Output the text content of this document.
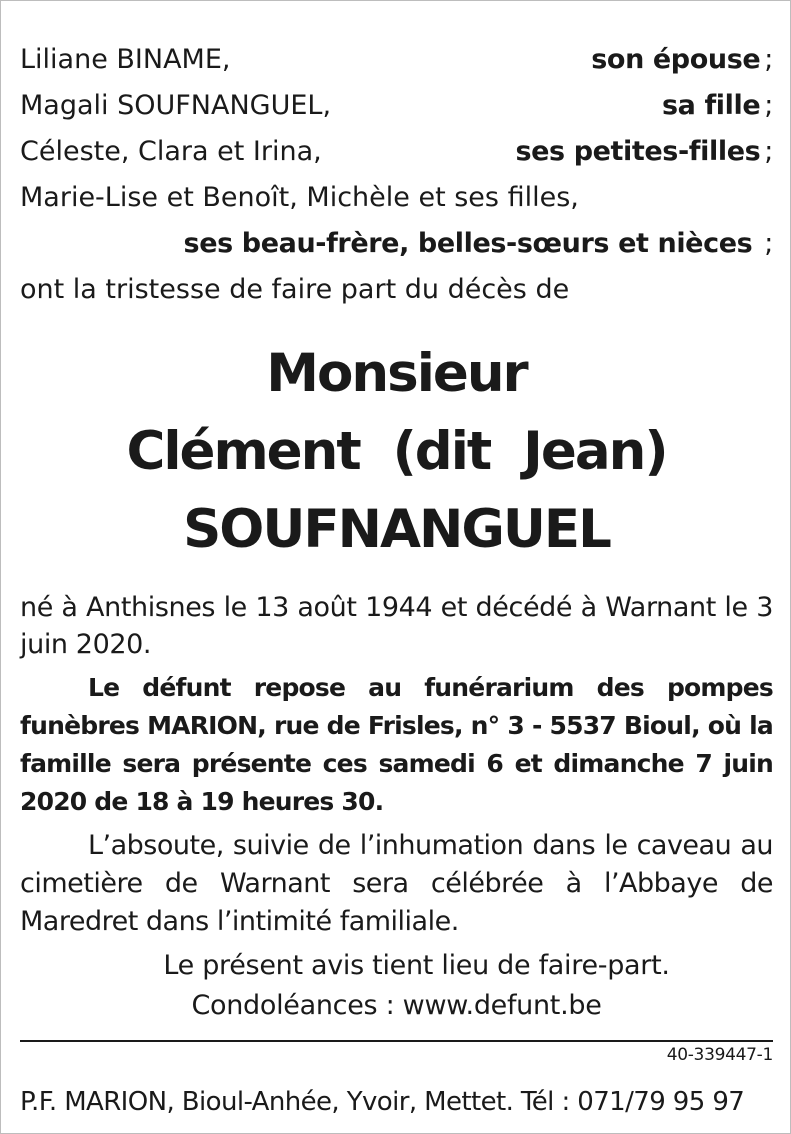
Liliane BINAME,	son épouse ;
Magali SOUFNANGUEL,	sa fille ;
Céleste, Clara et Irina,	ses petites-filles ;
Marie-Lise et Benoît, Michèle et ses filles,
ses beau-frère, belles-sœurs et nièces ;
ont la tristesse de faire part du décès de
Monsieur
Clément  (dit  Jean)
SOUFNANGUEL
né à Anthisnes le 13 août 1944 et décédé à Warnant le 3 juin 2020.
Le défunt repose au funérarium des pompes funèbres MARION, rue de Frisles, n° 3 - 5537 Bioul, où la famille sera présente ces samedi 6 et dimanche 7 juin 2020 de 18 à 19 heures 30.
L’absoute, suivie de l’inhumation dans le caveau au cimetière de Warnant sera célébrée à l’Abbaye de Maredret dans l’intimité familiale.
Le présent avis tient lieu de faire-part.
Condoléances : www.defunt.be
40-339447-1
P.F. MARION, Bioul-Anhée, Yvoir, Mettet. Tél : 071/79 95 97
